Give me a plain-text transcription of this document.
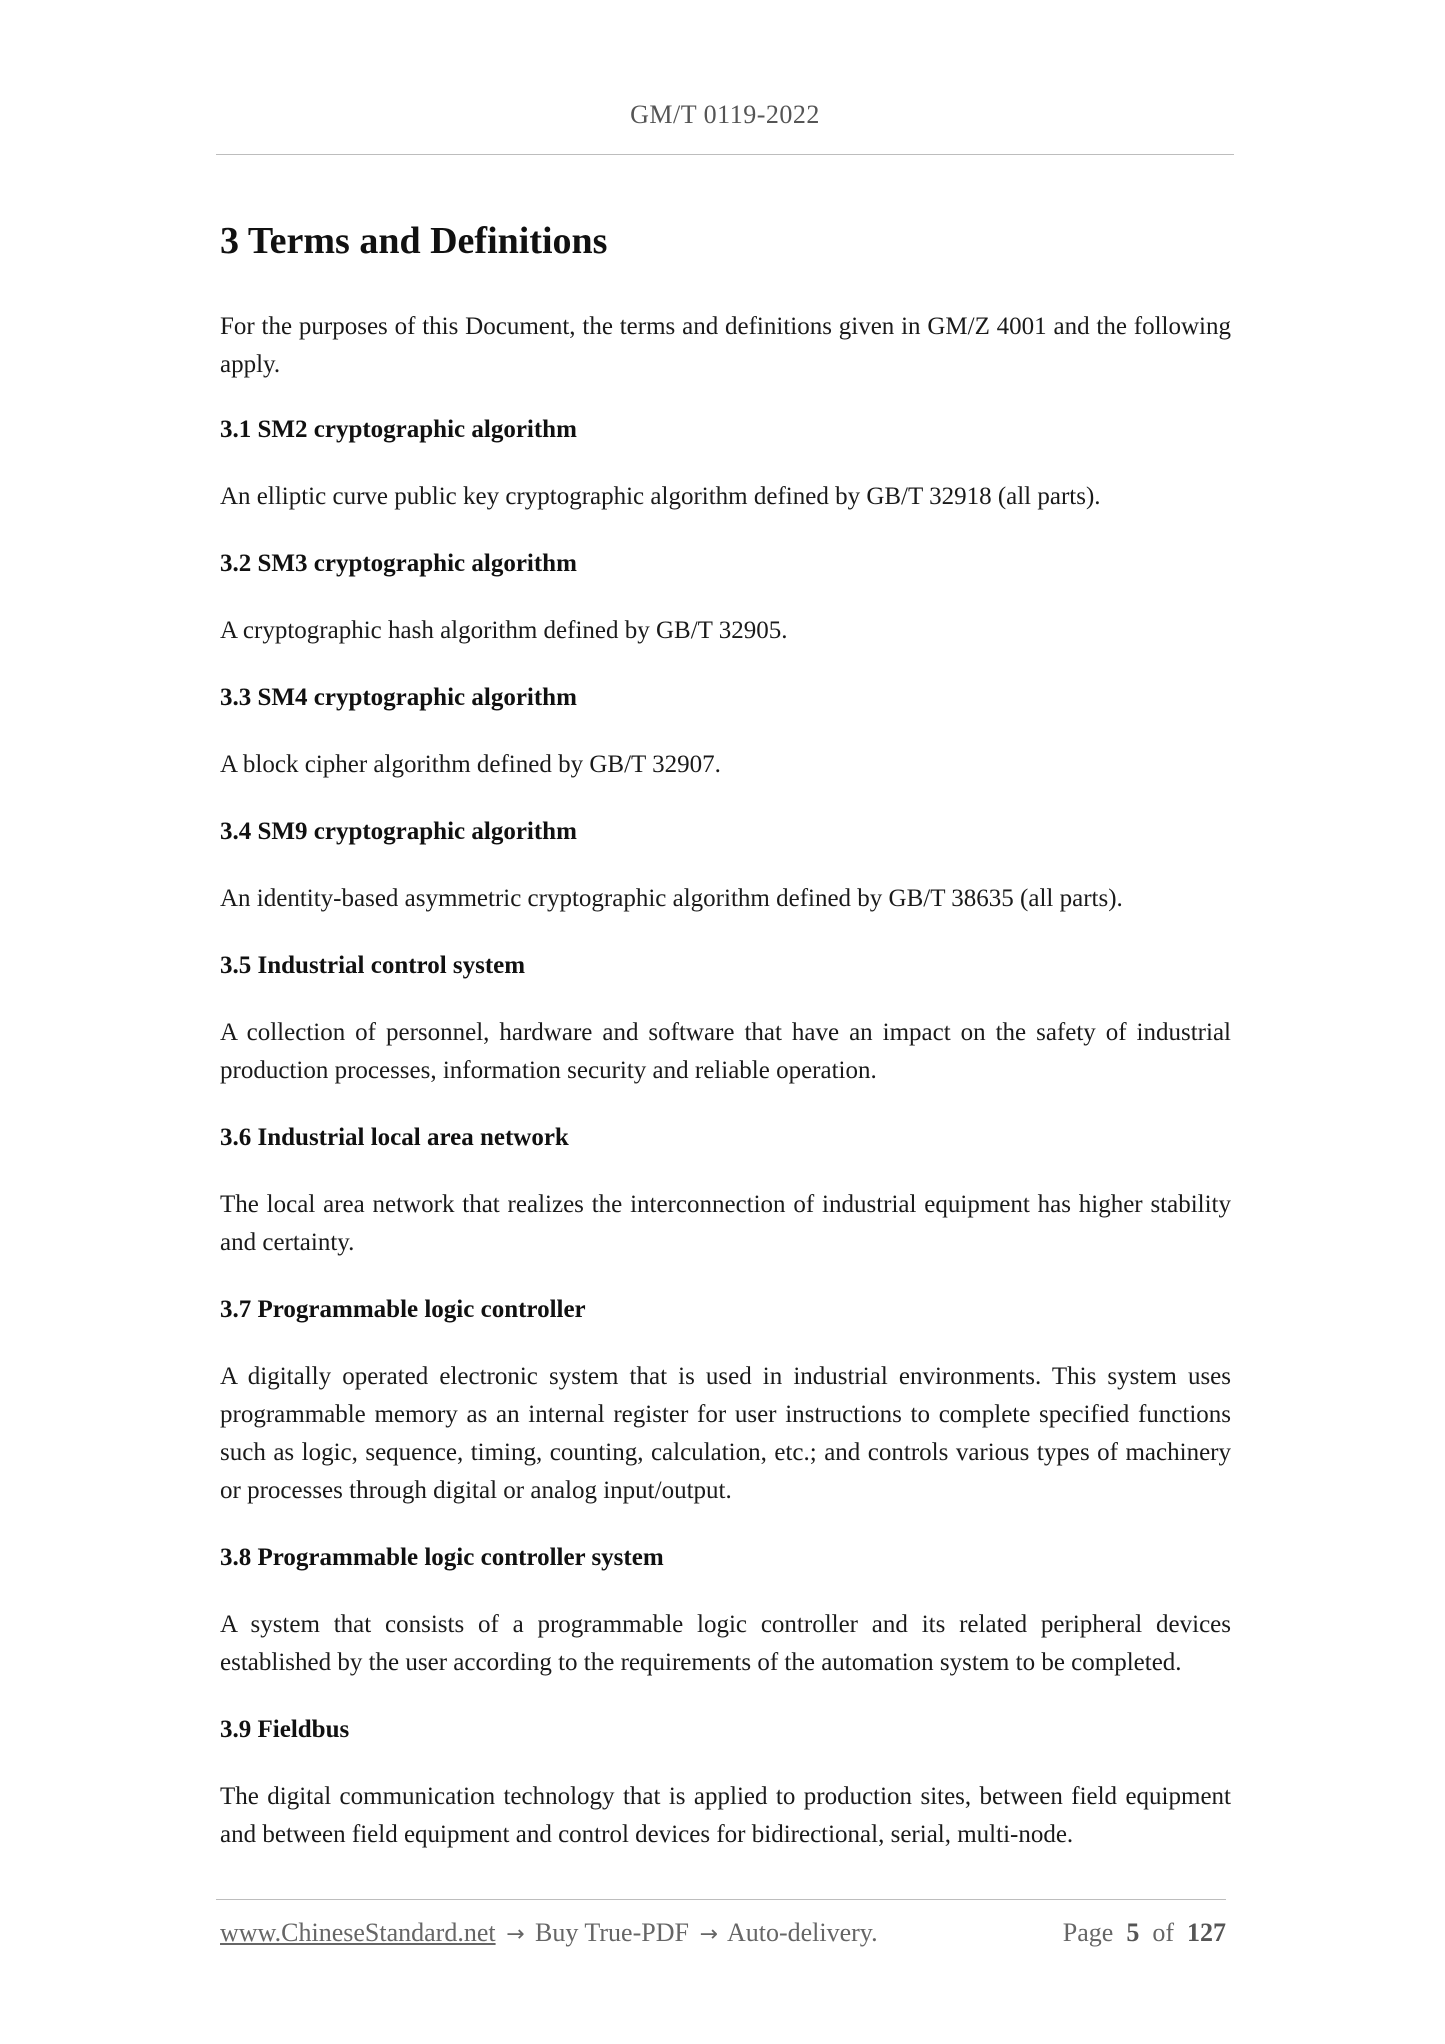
GM/T 0119-2022
3 Terms and Definitions

For the purposes of this Document, the terms and definitions given in GM/Z 4001 and the following apply.

3.1 SM2 cryptographic algorithm

An elliptic curve public key cryptographic algorithm defined by GB/T 32918 (all parts).

3.2 SM3 cryptographic algorithm

A cryptographic hash algorithm defined by GB/T 32905.

3.3 SM4 cryptographic algorithm

A block cipher algorithm defined by GB/T 32907.

3.4 SM9 cryptographic algorithm

An identity-based asymmetric cryptographic algorithm defined by GB/T 38635 (all parts).

3.5 Industrial control system

A collection of personnel, hardware and software that have an impact on the safety of industrial production processes, information security and reliable operation.

3.6 Industrial local area network

The local area network that realizes the interconnection of industrial equipment has higher stability and certainty.

3.7 Programmable logic controller

A digitally operated electronic system that is used in industrial environments. This system uses programmable memory as an internal register for user instructions to complete specified functions such as logic, sequence, timing, counting, calculation, etc.; and controls various types of machinery or processes through digital or analog input/output.

3.8 Programmable logic controller system

A system that consists of a programmable logic controller and its related peripheral devices established by the user according to the requirements of the automation system to be completed.

3.9 Fieldbus

The digital communication technology that is applied to production sites, between field equipment and between field equipment and control devices for bidirectional, serial, multi-node.

www.ChineseStandard.net → Buy True-PDF → Auto-delivery.	Page 5 of 127
